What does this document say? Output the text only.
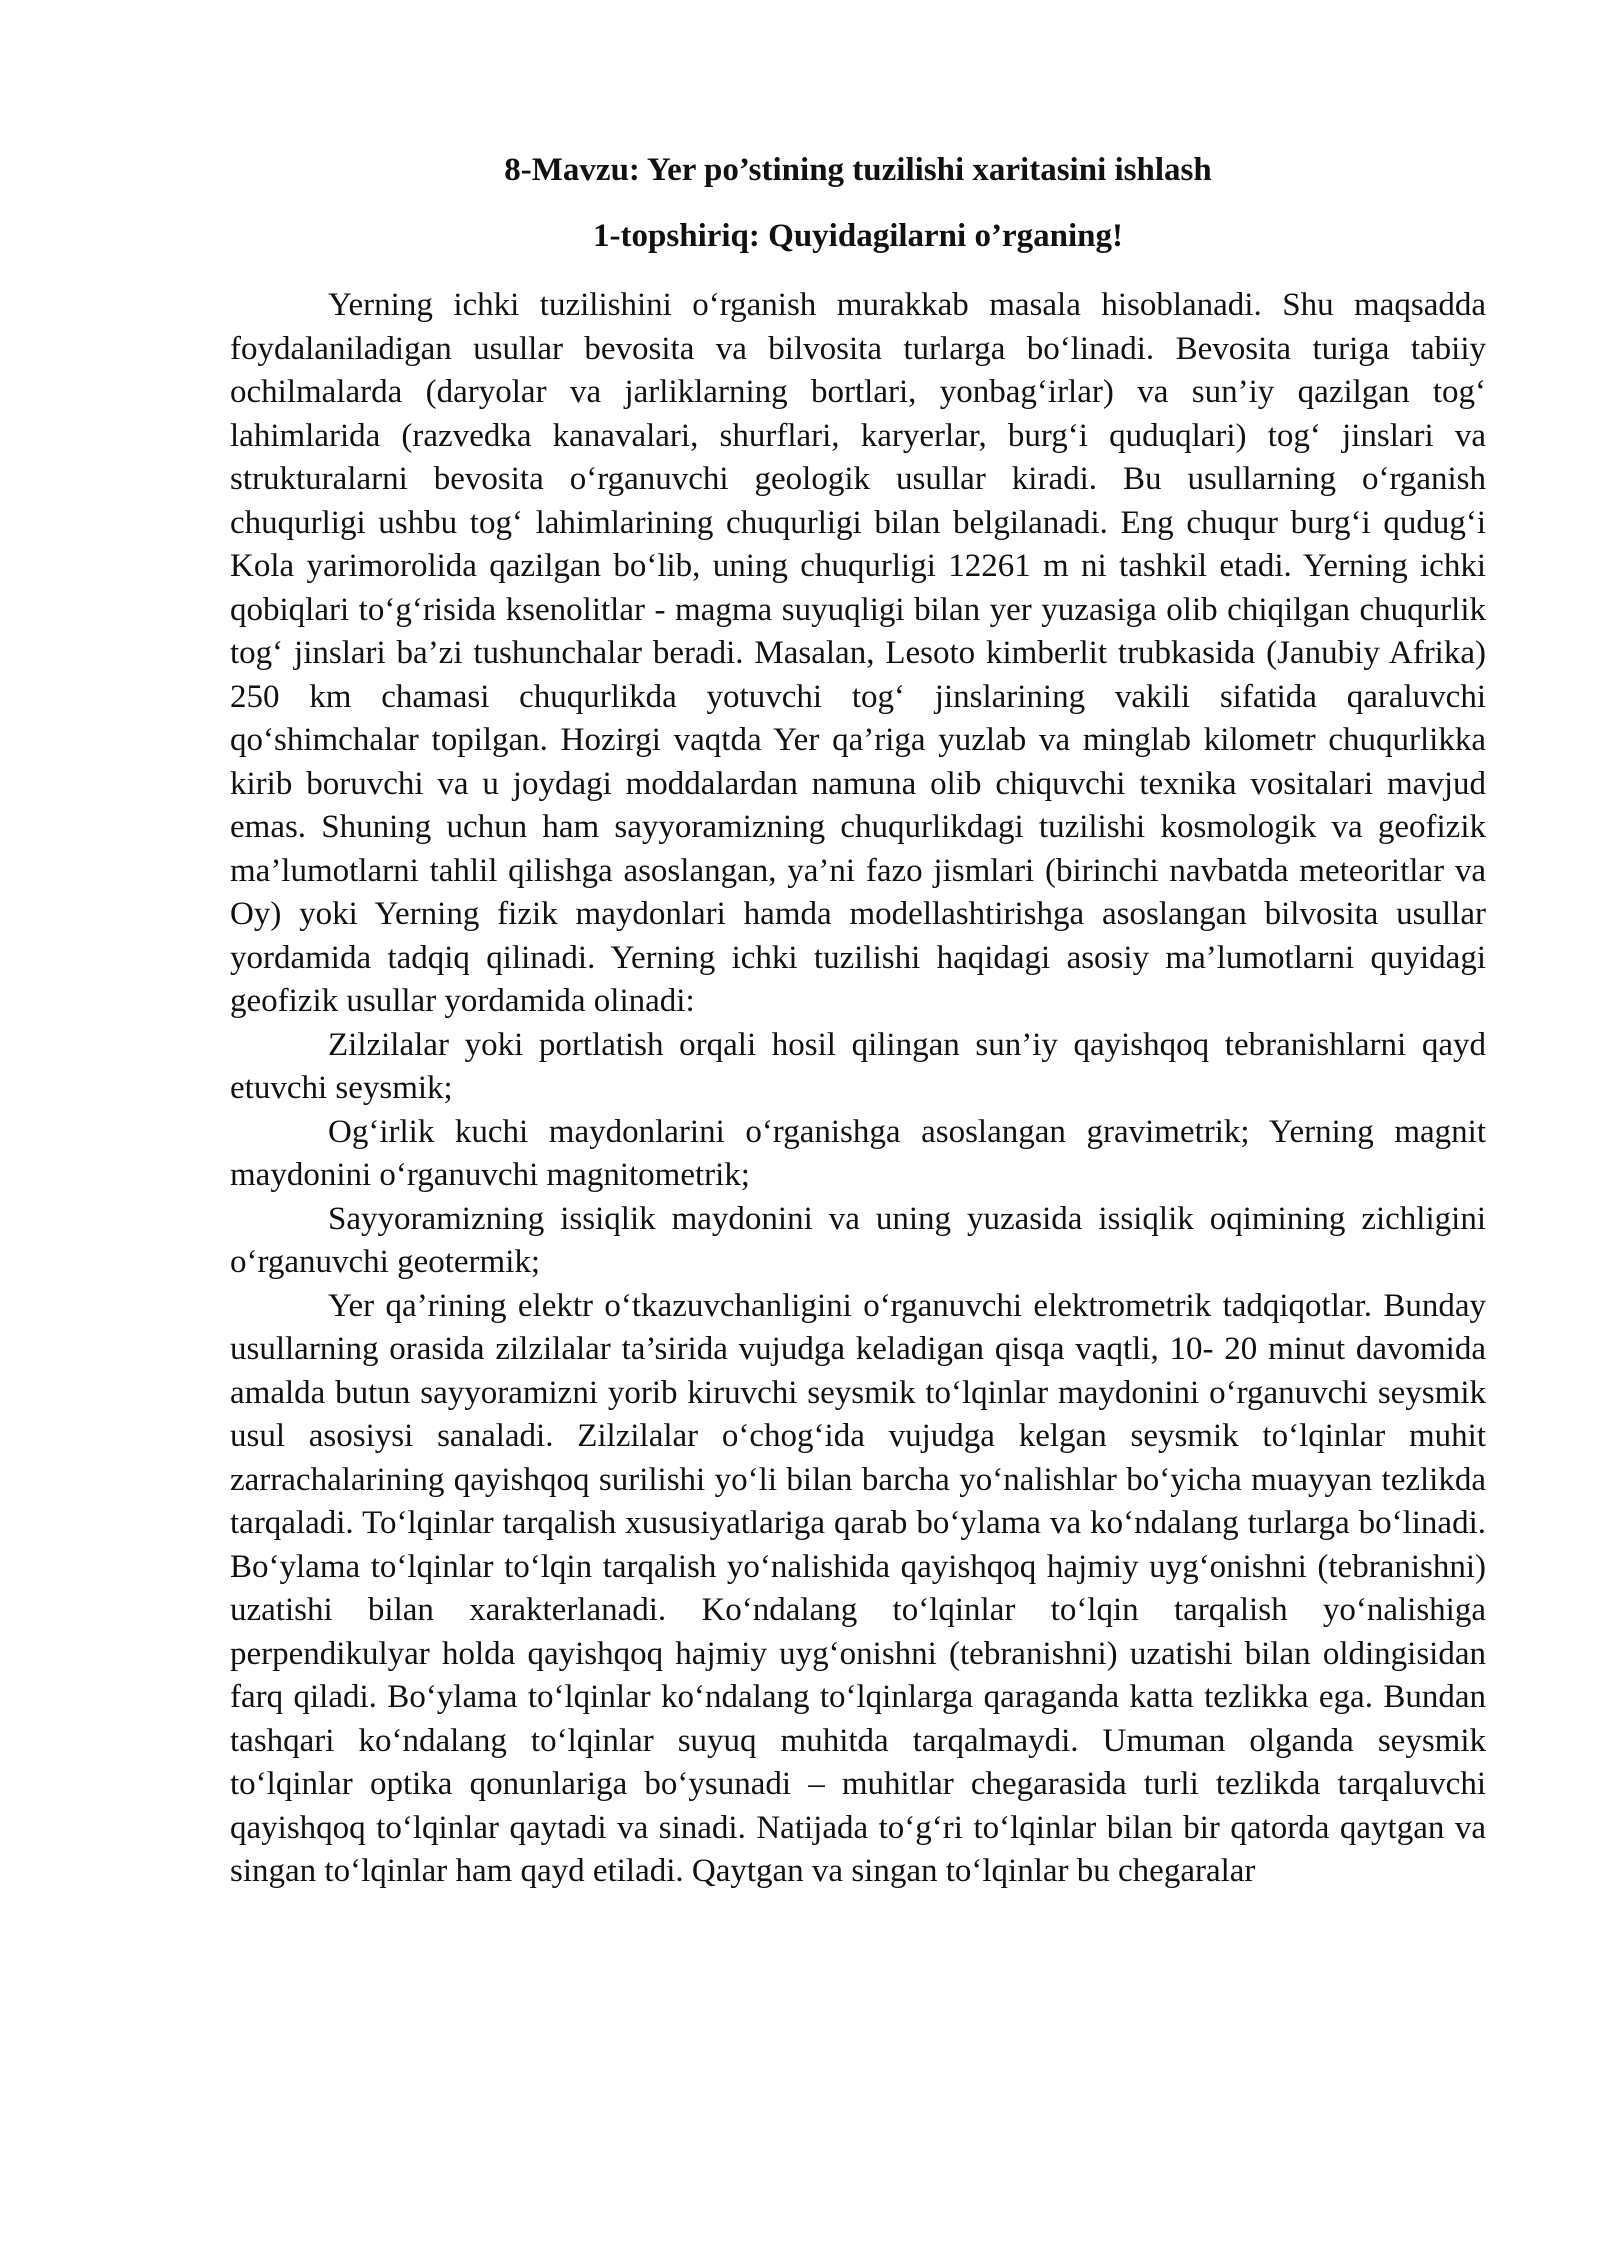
8-Mavzu: Yer po’stining tuzilishi xaritasini ishlash
1-topshiriq: Quyidagilarni o’rganing!

Yerning ichki tuzilishini o‘rganish murakkab masala hisoblanadi. Shu maqsadda foydalaniladigan usullar bevosita va bilvosita turlarga bo‘linadi. Bevosita turiga tabiiy ochilmalarda (daryolar va jarliklarning bortlari, yonbag‘irlar) va sun’iy qazilgan tog‘ lahimlarida (razvedka kanavalari, shurflari, karyerlar, burg‘i quduqlari) tog‘ jinslari va strukturalarni bevosita o‘rganuvchi geologik usullar kiradi. Bu usullarning o‘rganish chuqurligi ushbu tog‘ lahimlarining chuqurligi bilan belgilanadi. Eng chuqur burg‘i qudug‘i Kola yarimorolida qazilgan bo‘lib, uning chuqurligi 12261 m ni tashkil etadi. Yerning ichki qobiqlari to‘g‘risida ksenolitlar - magma suyuqligi bilan yer yuzasiga olib chiqilgan chuqurlik tog‘ jinslari ba’zi tushunchalar beradi. Masalan, Lesoto kimberlit trubkasida (Janubiy Afrika) 250 km chamasi chuqurlikda yotuvchi tog‘ jinslarining vakili sifatida qaraluvchi qo‘shimchalar topilgan. Hozirgi vaqtda Yer qa’riga yuzlab va minglab kilometr chuqurlikka kirib boruvchi va u joydagi moddalardan namuna olib chiquvchi texnika vositalari mavjud emas. Shuning uchun ham sayyoramizning chuqurlikdagi tuzilishi kosmologik va geofizik ma’lumotlarni tahlil qilishga asoslangan, ya’ni fazo jismlari (birinchi navbatda meteoritlar va Oy) yoki Yerning fizik maydonlari hamda modellashtirishga asoslangan bilvosita usullar yordamida tadqiq qilinadi. Yerning ichki tuzilishi haqidagi asosiy ma’lumotlarni quyidagi geofizik usullar yordamida olinadi:

Zilzilalar yoki portlatish orqali hosil qilingan sun’iy qayishqoq tebranishlarni qayd etuvchi seysmik;

Og‘irlik kuchi maydonlarini o‘rganishga asoslangan gravimetrik; Yerning magnit maydonini o‘rganuvchi magnitometrik;

Sayyoramizning issiqlik maydonini va uning yuzasida issiqlik oqimining zichligini o‘rganuvchi geotermik;

Yer qa’rining elektr o‘tkazuvchanligini o‘rganuvchi elektrometrik tadqiqotlar. Bunday usullarning orasida zilzilalar ta’sirida vujudga keladigan qisqa vaqtli, 10- 20 minut davomida amalda butun sayyoramizni yorib kiruvchi seysmik to‘lqinlar maydonini o‘rganuvchi seysmik usul asosiysi sanaladi. Zilzilalar o‘chog‘ida vujudga kelgan seysmik to‘lqinlar muhit zarrachalarining qayishqoq surilishi yo‘li bilan barcha yo‘nalishlar bo‘yicha muayyan tezlikda tarqaladi. To‘lqinlar tarqalish xususiyatlariga qarab bo‘ylama va ko‘ndalang turlarga bo‘linadi. Bo‘ylama to‘lqinlar to‘lqin tarqalish yo‘nalishida qayishqoq hajmiy uyg‘onishni (tebranishni) uzatishi bilan xarakterlanadi. Ko‘ndalang to‘lqinlar to‘lqin tarqalish yo‘nalishiga perpendikulyar holda qayishqoq hajmiy uyg‘onishni (tebranishni) uzatishi bilan oldingisidan farq qiladi. Bo‘ylama to‘lqinlar ko‘ndalang to‘lqinlarga qaraganda katta tezlikka ega. Bundan tashqari ko‘ndalang to‘lqinlar suyuq muhitda tarqalmaydi. Umuman olganda seysmik to‘lqinlar optika qonunlariga bo‘ysunadi – muhitlar chegarasida turli tezlikda tarqaluvchi qayishqoq to‘lqinlar qaytadi va sinadi. Natijada to‘g‘ri to‘lqinlar bilan bir qatorda qaytgan va singan to‘lqinlar ham qayd etiladi. Qaytgan va singan to‘lqinlar bu chegaralar
